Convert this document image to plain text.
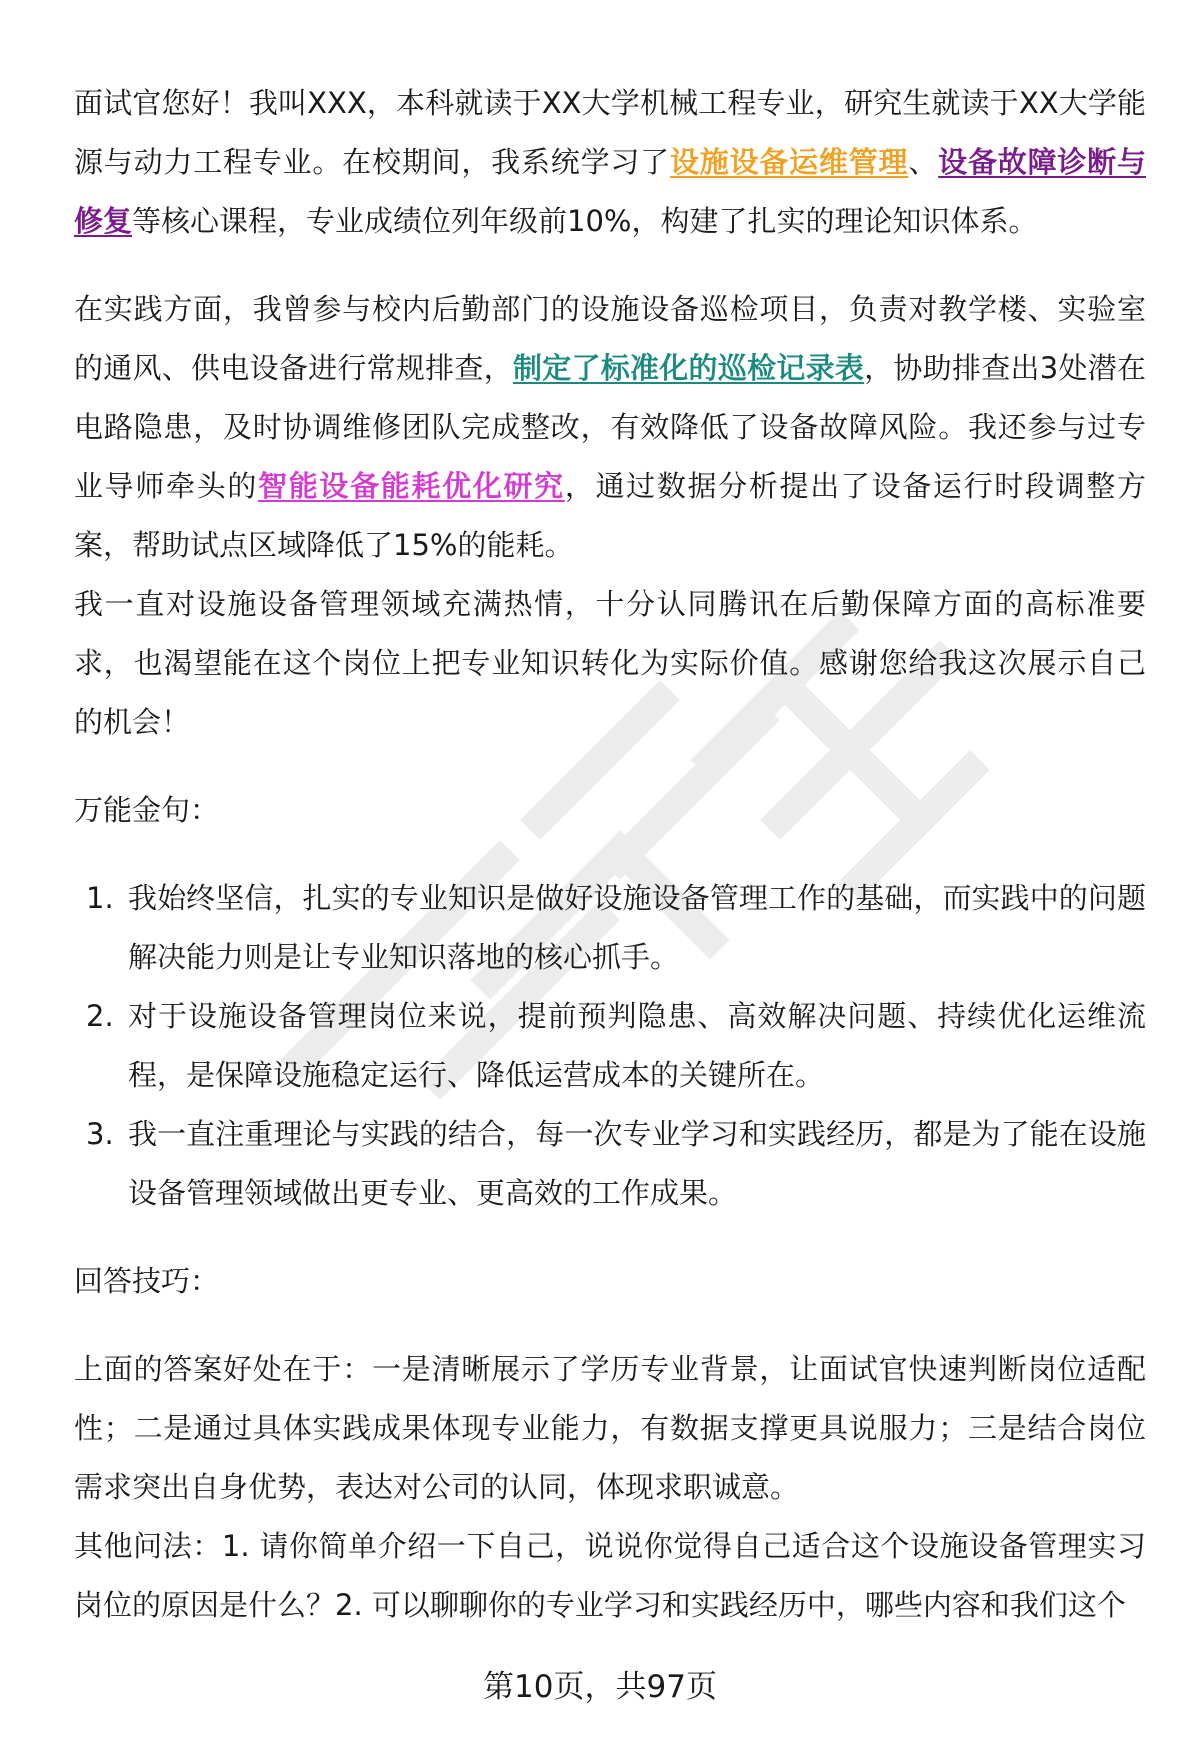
面试官您好！我叫XXX，本科就读于XX大学机械工程专业，研究生就读于XX大学能源与动力工程专业。在校期间，我系统学习了设施设备运维管理、设备故障诊断与修复等核心课程，专业成绩位列年级前10%，构建了扎实的理论知识体系。

在实践方面，我曾参与校内后勤部门的设施设备巡检项目，负责对教学楼、实验室的通风、供电设备进行常规排查，制定了标准化的巡检记录表，协助排查出3处潜在电路隐患，及时协调维修团队完成整改，有效降低了设备故障风险。我还参与过专业导师牵头的智能设备能耗优化研究，通过数据分析提出了设备运行时段调整方案，帮助试点区域降低了15%的能耗。

我一直对设施设备管理领域充满热情，十分认同腾讯在后勤保障方面的高标准要求，也渴望能在这个岗位上把专业知识转化为实际价值。感谢您给我这次展示自己的机会！

万能金句：

1. 我始终坚信，扎实的专业知识是做好设施设备管理工作的基础，而实践中的问题解决能力则是让专业知识落地的核心抓手。
2. 对于设施设备管理岗位来说，提前预判隐患、高效解决问题、持续优化运维流程，是保障设施稳定运行、降低运营成本的关键所在。
3. 我一直注重理论与实践的结合，每一次专业学习和实践经历，都是为了能在设施设备管理领域做出更专业、更高效的工作成果。

回答技巧：

上面的答案好处在于：一是清晰展示了学历专业背景，让面试官快速判断岗位适配性；二是通过具体实践成果体现专业能力，有数据支撑更具说服力；三是结合岗位需求突出自身优势，表达对公司的认同，体现求职诚意。

其他问法：1. 请你简单介绍一下自己，说说你觉得自己适合这个设施设备管理实习岗位的原因是什么？2. 可以聊聊你的专业学习和实践经历中，哪些内容和我们这个

第10页，共97页
